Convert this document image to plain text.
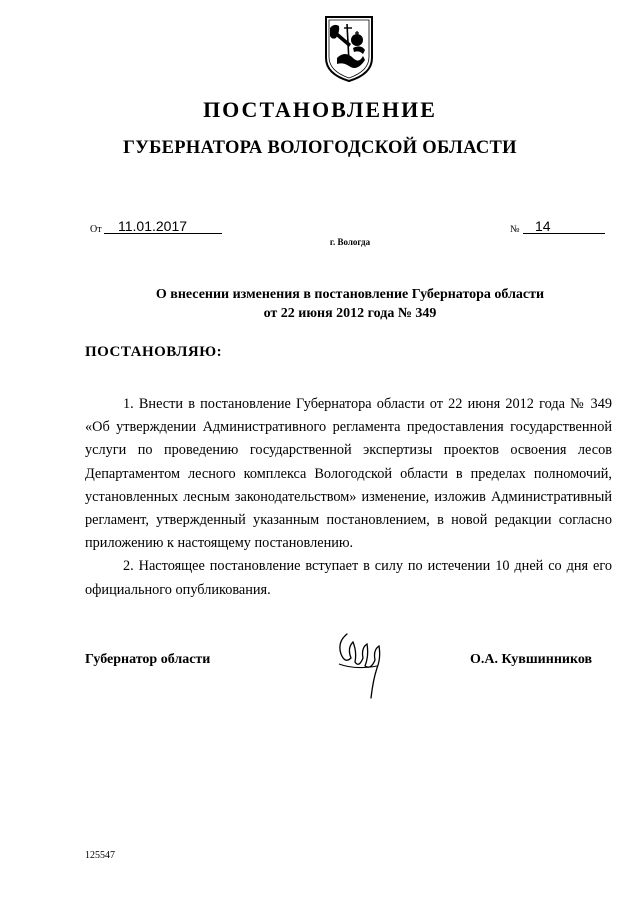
ПОСТАНОВЛЕНИЕ
ГУБЕРНАТОРА ВОЛОГОДСКОЙ ОБЛАСТИ
От	11.01.2017	№	14
г. Вологда
О внесении изменения в постановление Губернатора области
от 22 июня 2012 года № 349
ПОСТАНОВЛЯЮ:

1. Внести в постановление Губернатора области от 22 июня 2012 года № 349 «Об утверждении Административного регламента предоставления государственной услуги по проведению государственной экспертизы проектов освоения лесов Департаментом лесного комплекса Вологодской области в пределах полномочий, установленных лесным законодательством» изменение, изложив Административный регламент, утвержденный указанным постановлением, в новой редакции согласно приложению к настоящему постановлению.

2. Настоящее постановление вступает в силу по истечении 10 дней со дня его официального опубликования.

Губернатор области	О.А. Кувшинников
125547
